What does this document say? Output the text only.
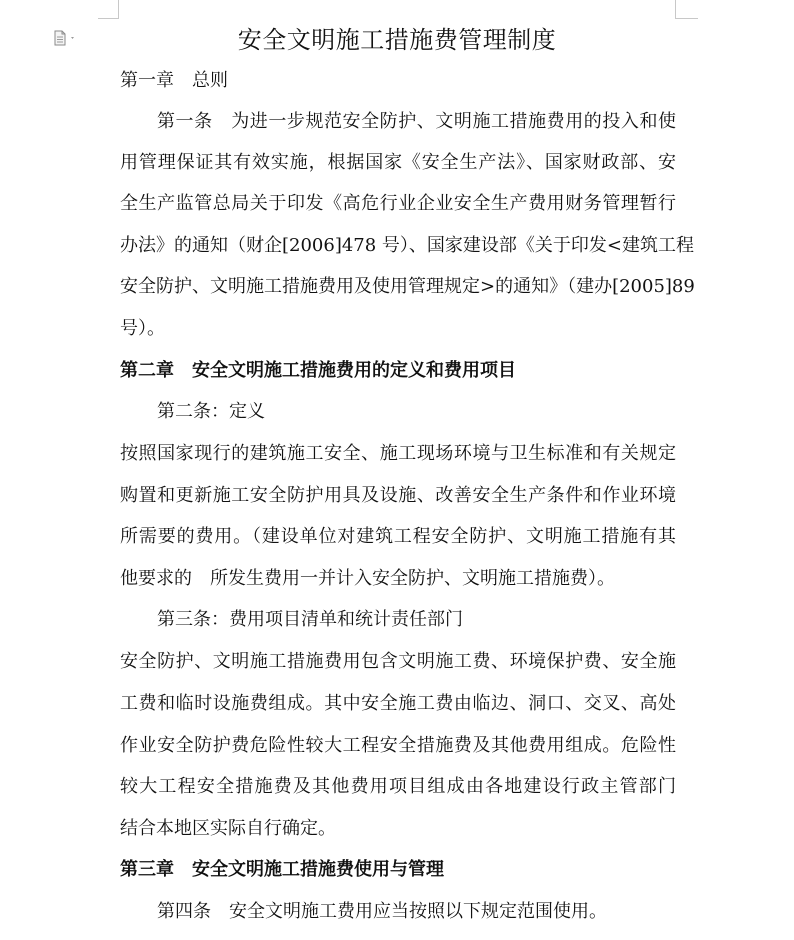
安全文明施工措施费管理制度
第一章　总则
第一条　为进一步规范安全防护、文明施工措施费用的投入和使
用管理保证其有效实施，根据国家《安全生产法》、国家财政部、安
全生产监管总局关于印发《高危行业企业安全生产费用财务管理暂行
办法》的通知（财企[2006]478 号）、国家建设部《关于印发<建筑工程
安全防护、文明施工措施费用及使用管理规定>的通知》（建办[2005]89
号）。
第二章　安全文明施工措施费用的定义和费用项目
第二条：定义
按照国家现行的建筑施工安全、施工现场环境与卫生标准和有关规定
购置和更新施工安全防护用具及设施、改善安全生产条件和作业环境
所需要的费用。（建设单位对建筑工程安全防护、文明施工措施有其
他要求的　所发生费用一并计入安全防护、文明施工措施费）。
第三条：费用项目清单和统计责任部门
安全防护、文明施工措施费用包含文明施工费、环境保护费、安全施
工费和临时设施费组成。其中安全施工费由临边、洞口、交叉、高处
作业安全防护费危险性较大工程安全措施费及其他费用组成。危险性
较大工程安全措施费及其他费用项目组成由各地建设行政主管部门
结合本地区实际自行确定。
第三章　安全文明施工措施费使用与管理
第四条　安全文明施工费用应当按照以下规定范围使用。
